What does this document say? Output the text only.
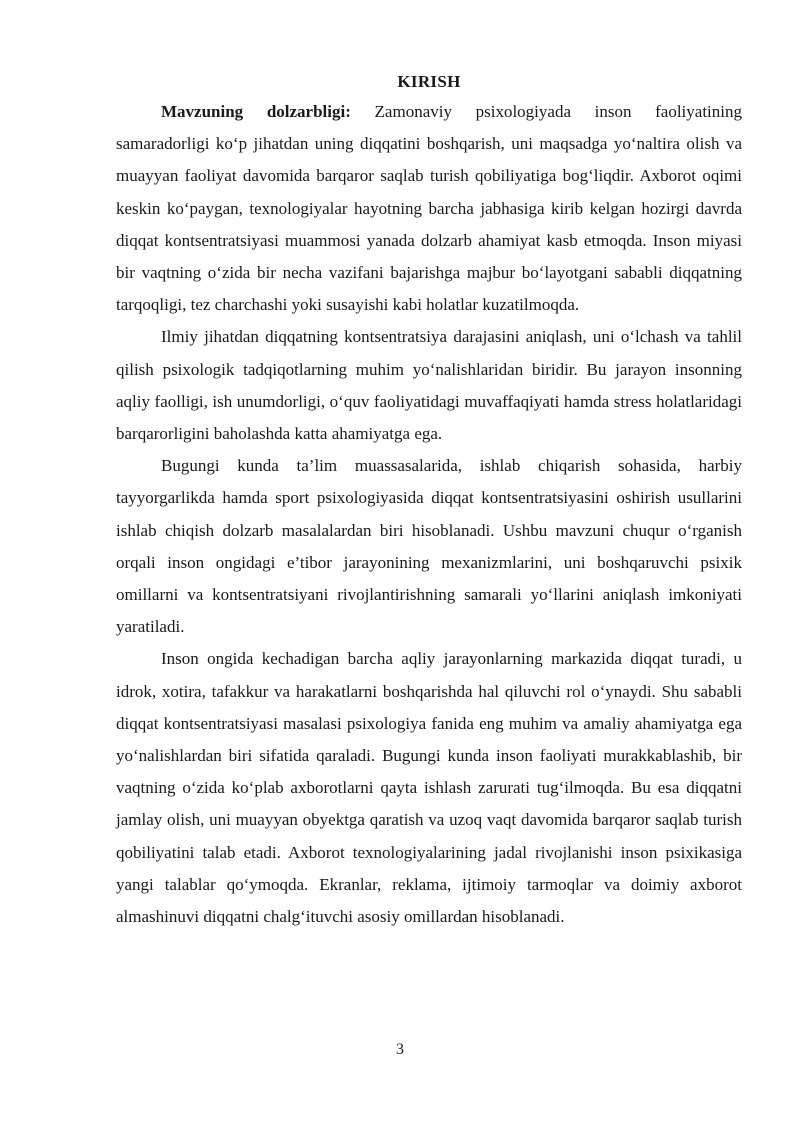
KIRISH

Mavzuning dolzarbligi: Zamonaviy psixologiyada inson faoliyatining samaradorligi ko‘p jihatdan uning diqqatini boshqarish, uni maqsadga yo‘naltira olish va muayyan faoliyat davomida barqaror saqlab turish qobiliyatiga bog‘liqdir. Axborot oqimi keskin ko‘paygan, texnologiyalar hayotning barcha jabhasiga kirib kelgan hozirgi davrda diqqat kontsentratsiyasi muammosi yanada dolzarb ahamiyat kasb etmoqda. Inson miyasi bir vaqtning o‘zida bir necha vazifani bajarishga majbur bo‘layotgani sababli diqqatning tarqoqligi, tez charchashi yoki susayishi kabi holatlar kuzatilmoqda.

Ilmiy jihatdan diqqatning kontsentratsiya darajasini aniqlash, uni o‘lchash va tahlil qilish psixologik tadqiqotlarning muhim yo‘nalishlaridan biridir. Bu jarayon insonning aqliy faolligi, ish unumdorligi, o‘quv faoliyatidagi muvaffaqiyati hamda stress holatlaridagi barqarorligini baholashda katta ahamiyatga ega.

Bugungi kunda ta’lim muassasalarida, ishlab chiqarish sohasida, harbiy tayyorgarlikda hamda sport psixologiyasida diqqat kontsentratsiyasini oshirish usullarini ishlab chiqish dolzarb masalalardan biri hisoblanadi. Ushbu mavzuni chuqur o‘rganish orqali inson ongidagi e’tibor jarayonining mexanizmlarini, uni boshqaruvchi psixik omillarni va kontsentratsiyani rivojlantirishning samarali yo‘llarini aniqlash imkoniyati yaratiladi.

Inson ongida kechadigan barcha aqliy jarayonlarning markazida diqqat turadi, u idrok, xotira, tafakkur va harakatlarni boshqarishda hal qiluvchi rol o‘ynaydi. Shu sababli diqqat kontsentratsiyasi masalasi psixologiya fanida eng muhim va amaliy ahamiyatga ega yo‘nalishlardan biri sifatida qaraladi. Bugungi kunda inson faoliyati murakkablashib, bir vaqtning o‘zida ko‘plab axborotlarni qayta ishlash zarurati tug‘ilmoqda. Bu esa diqqatni jamlay olish, uni muayyan obyektga qaratish va uzoq vaqt davomida barqaror saqlab turish qobiliyatini talab etadi. Axborot texnologiyalarining jadal rivojlanishi inson psixikasiga yangi talablar qo‘ymoqda. Ekranlar, reklama, ijtimoiy tarmoqlar va doimiy axborot almashinuvi diqqatni chalg‘ituvchi asosiy omillardan hisoblanadi.

3
